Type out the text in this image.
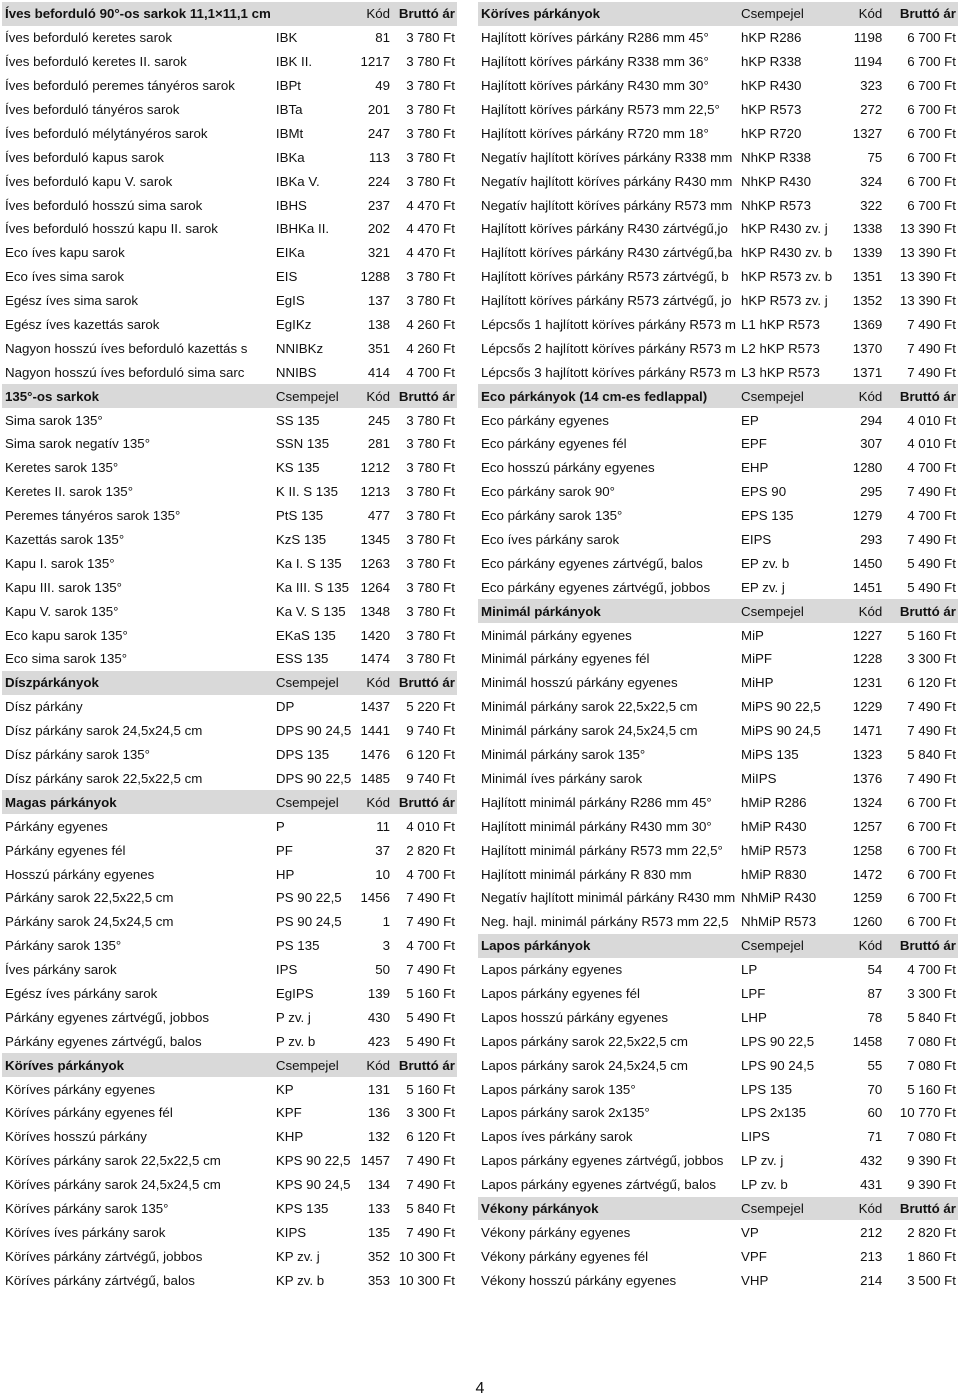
Íves beforduló 90°-os sarkok 11,1×11,1 cm		Kód	Bruttó ár
Íves beforduló keretes sarok	IBK	81	3 780 Ft
Íves beforduló keretes II. sarok	IBK II.	1217	3 780 Ft
Íves beforduló peremes tányéros sarok	IBPt	49	3 780 Ft
Íves beforduló tányéros sarok	IBTa	201	3 780 Ft
Íves beforduló mélytányéros sarok	IBMt	247	3 780 Ft
Íves beforduló kapus sarok	IBKa	113	3 780 Ft
Íves beforduló kapu V. sarok	IBKa V.	224	3 780 Ft
Íves beforduló hosszú sima sarok	IBHS	237	4 470 Ft
Íves beforduló hosszú kapu II. sarok	IBHKa II.	202	4 470 Ft
Eco íves kapu sarok	EIKa	321	4 470 Ft
Eco íves sima sarok	EIS	1288	3 780 Ft
Egész íves sima sarok	EgIS	137	3 780 Ft
Egész íves kazettás sarok	EgIKz	138	4 260 Ft
Nagyon hosszú íves beforduló kazettás s	NNIBKz	351	4 260 Ft
Nagyon hosszú íves beforduló sima sarc	NNIBS	414	4 700 Ft
135°-os sarkok	Csempejel	Kód	Bruttó ár
Sima sarok 135°	SS 135	245	3 780 Ft
Sima sarok negatív 135°	SSN 135	281	3 780 Ft
Keretes sarok 135°	KS 135	1212	3 780 Ft
Keretes II. sarok 135°	K II. S 135	1213	3 780 Ft
Peremes tányéros sarok 135°	PtS 135	477	3 780 Ft
Kazettás sarok 135°	KzS 135	1345	3 780 Ft
Kapu I. sarok 135°	Ka I. S 135	1263	3 780 Ft
Kapu III. sarok 135°	Ka III. S 135	1264	3 780 Ft
Kapu V. sarok 135°	Ka V. S 135	1348	3 780 Ft
Eco kapu sarok 135°	EKaS 135	1420	3 780 Ft
Eco sima sarok 135°	ESS 135	1474	3 780 Ft
Díszpárkányok	Csempejel	Kód	Bruttó ár
Dísz párkány	DP	1437	5 220 Ft
Dísz párkány sarok 24,5x24,5 cm	DPS 90 24,5	1441	9 740 Ft
Dísz párkány sarok 135°	DPS 135	1476	6 120 Ft
Dísz párkány sarok 22,5x22,5 cm	DPS 90 22,5	1485	9 740 Ft
Magas párkányok	Csempejel	Kód	Bruttó ár
Párkány egyenes	P	11	4 010 Ft
Párkány egyenes fél	PF	37	2 820 Ft
Hosszú párkány egyenes	HP	10	4 700 Ft
Párkány sarok 22,5x22,5 cm	PS 90 22,5	1456	7 490 Ft
Párkány sarok 24,5x24,5 cm	PS 90 24,5	1	7 490 Ft
Párkány sarok 135°	PS 135	3	4 700 Ft
Íves párkány sarok	IPS	50	7 490 Ft
Egész íves párkány sarok	EgIPS	139	5 160 Ft
Párkány egyenes zártvégű, jobbos	P zv. j	430	5 490 Ft
Párkány egyenes zártvégű, balos	P zv. b	423	5 490 Ft
Köríves párkányok	Csempejel	Kód	Bruttó ár
Köríves párkány egyenes	KP	131	5 160 Ft
Köríves párkány egyenes fél	KPF	136	3 300 Ft
Köríves hosszú párkány	KHP	132	6 120 Ft
Köríves párkány sarok 22,5x22,5 cm	KPS 90 22,5	1457	7 490 Ft
Köríves párkány sarok 24,5x24,5 cm	KPS 90 24,5	134	7 490 Ft
Köríves párkány sarok 135°	KPS 135	133	5 840 Ft
Köríves íves párkány sarok	KIPS	135	7 490 Ft
Köríves párkány zártvégű, jobbos	KP zv. j	352	10 300 Ft
Köríves párkány zártvégű, balos	KP zv. b	353	10 300 Ft
Köríves párkányok	Csempejel	Kód	Bruttó ár
Hajlított köríves párkány R286 mm 45°	hKP R286	1198	6 700 Ft
Hajlított köríves párkány R338 mm 36°	hKP R338	1194	6 700 Ft
Hajlított köríves párkány R430 mm 30°	hKP R430	323	6 700 Ft
Hajlított köríves párkány R573 mm 22,5°	hKP R573	272	6 700 Ft
Hajlított köríves párkány R720 mm 18°	hKP R720	1327	6 700 Ft
Negatív hajlított köríves párkány R338 mm	NhKP R338	75	6 700 Ft
Negatív hajlított köríves párkány R430 mm	NhKP R430	324	6 700 Ft
Negatív hajlított köríves párkány R573 mm	NhKP R573	322	6 700 Ft
Hajlított köríves párkány R430 zártvégű,jo	hKP R430 zv. j	1338	13 390 Ft
Hajlított köríves párkány R430 zártvégű,ba	hKP R430 zv. b	1339	13 390 Ft
Hajlított köríves párkány R573 zártvégű, b	hKP R573 zv. b	1351	13 390 Ft
Hajlított köríves párkány R573 zártvégű, jo	hKP R573 zv. j	1352	13 390 Ft
Lépcsős 1 hajlított köríves párkány R573 m	L1 hKP R573	1369	7 490 Ft
Lépcsős 2 hajlított köríves párkány R573 m	L2 hKP R573	1370	7 490 Ft
Lépcsős 3 hajlított köríves párkány R573 m	L3 hKP R573	1371	7 490 Ft
Eco párkányok (14 cm-es fedlappal)	Csempejel	Kód	Bruttó ár
Eco párkány egyenes	EP	294	4 010 Ft
Eco párkány egyenes fél	EPF	307	4 010 Ft
Eco hosszú párkány egyenes	EHP	1280	4 700 Ft
Eco párkány sarok 90°	EPS 90	295	7 490 Ft
Eco párkány sarok 135°	EPS 135	1279	4 700 Ft
Eco íves párkány sarok	EIPS	293	7 490 Ft
Eco párkány egyenes zártvégű, balos	EP zv. b	1450	5 490 Ft
Eco párkány egyenes zártvégű, jobbos	EP zv. j	1451	5 490 Ft
Minimál párkányok	Csempejel	Kód	Bruttó ár
Minimál párkány egyenes	MiP	1227	5 160 Ft
Minimál párkány egyenes fél	MiPF	1228	3 300 Ft
Minimál hosszú párkány egyenes	MiHP	1231	6 120 Ft
Minimál párkány sarok 22,5x22,5 cm	MiPS 90 22,5	1229	7 490 Ft
Minimál párkány sarok 24,5x24,5 cm	MiPS 90 24,5	1471	7 490 Ft
Minimál párkány sarok 135°	MiPS 135	1323	5 840 Ft
Minimál íves párkány sarok	MiIPS	1376	7 490 Ft
Hajlított minimál párkány R286 mm 45°	hMiP R286	1324	6 700 Ft
Hajlított minimál párkány R430 mm 30°	hMiP R430	1257	6 700 Ft
Hajlított minimál párkány R573 mm 22,5°	hMiP R573	1258	6 700 Ft
Hajlított minimál párkány R 830 mm	hMiP R830	1472	6 700 Ft
Negatív hajlított minimál párkány R430 mm	NhMiP R430	1259	6 700 Ft
Neg. hajl. minimál párkány R573 mm 22,5	NhMiP R573	1260	6 700 Ft
Lapos párkányok	Csempejel	Kód	Bruttó ár
Lapos párkány egyenes	LP	54	4 700 Ft
Lapos párkány egyenes fél	LPF	87	3 300 Ft
Lapos hosszú párkány egyenes	LHP	78	5 840 Ft
Lapos párkány sarok 22,5x22,5 cm	LPS 90 22,5	1458	7 080 Ft
Lapos párkány sarok 24,5x24,5 cm	LPS 90 24,5	55	7 080 Ft
Lapos párkány sarok 135°	LPS 135	70	5 160 Ft
Lapos párkány sarok 2x135°	LPS 2x135	60	10 770 Ft
Lapos íves párkány sarok	LIPS	71	7 080 Ft
Lapos párkány egyenes zártvégű, jobbos	LP zv. j	432	9 390 Ft
Lapos párkány egyenes zártvégű, balos	LP zv. b	431	9 390 Ft
Vékony párkányok	Csempejel	Kód	Bruttó ár
Vékony párkány egyenes	VP	212	2 820 Ft
Vékony párkány egyenes fél	VPF	213	1 860 Ft
Vékony hosszú párkány egyenes	VHP	214	3 500 Ft
4
